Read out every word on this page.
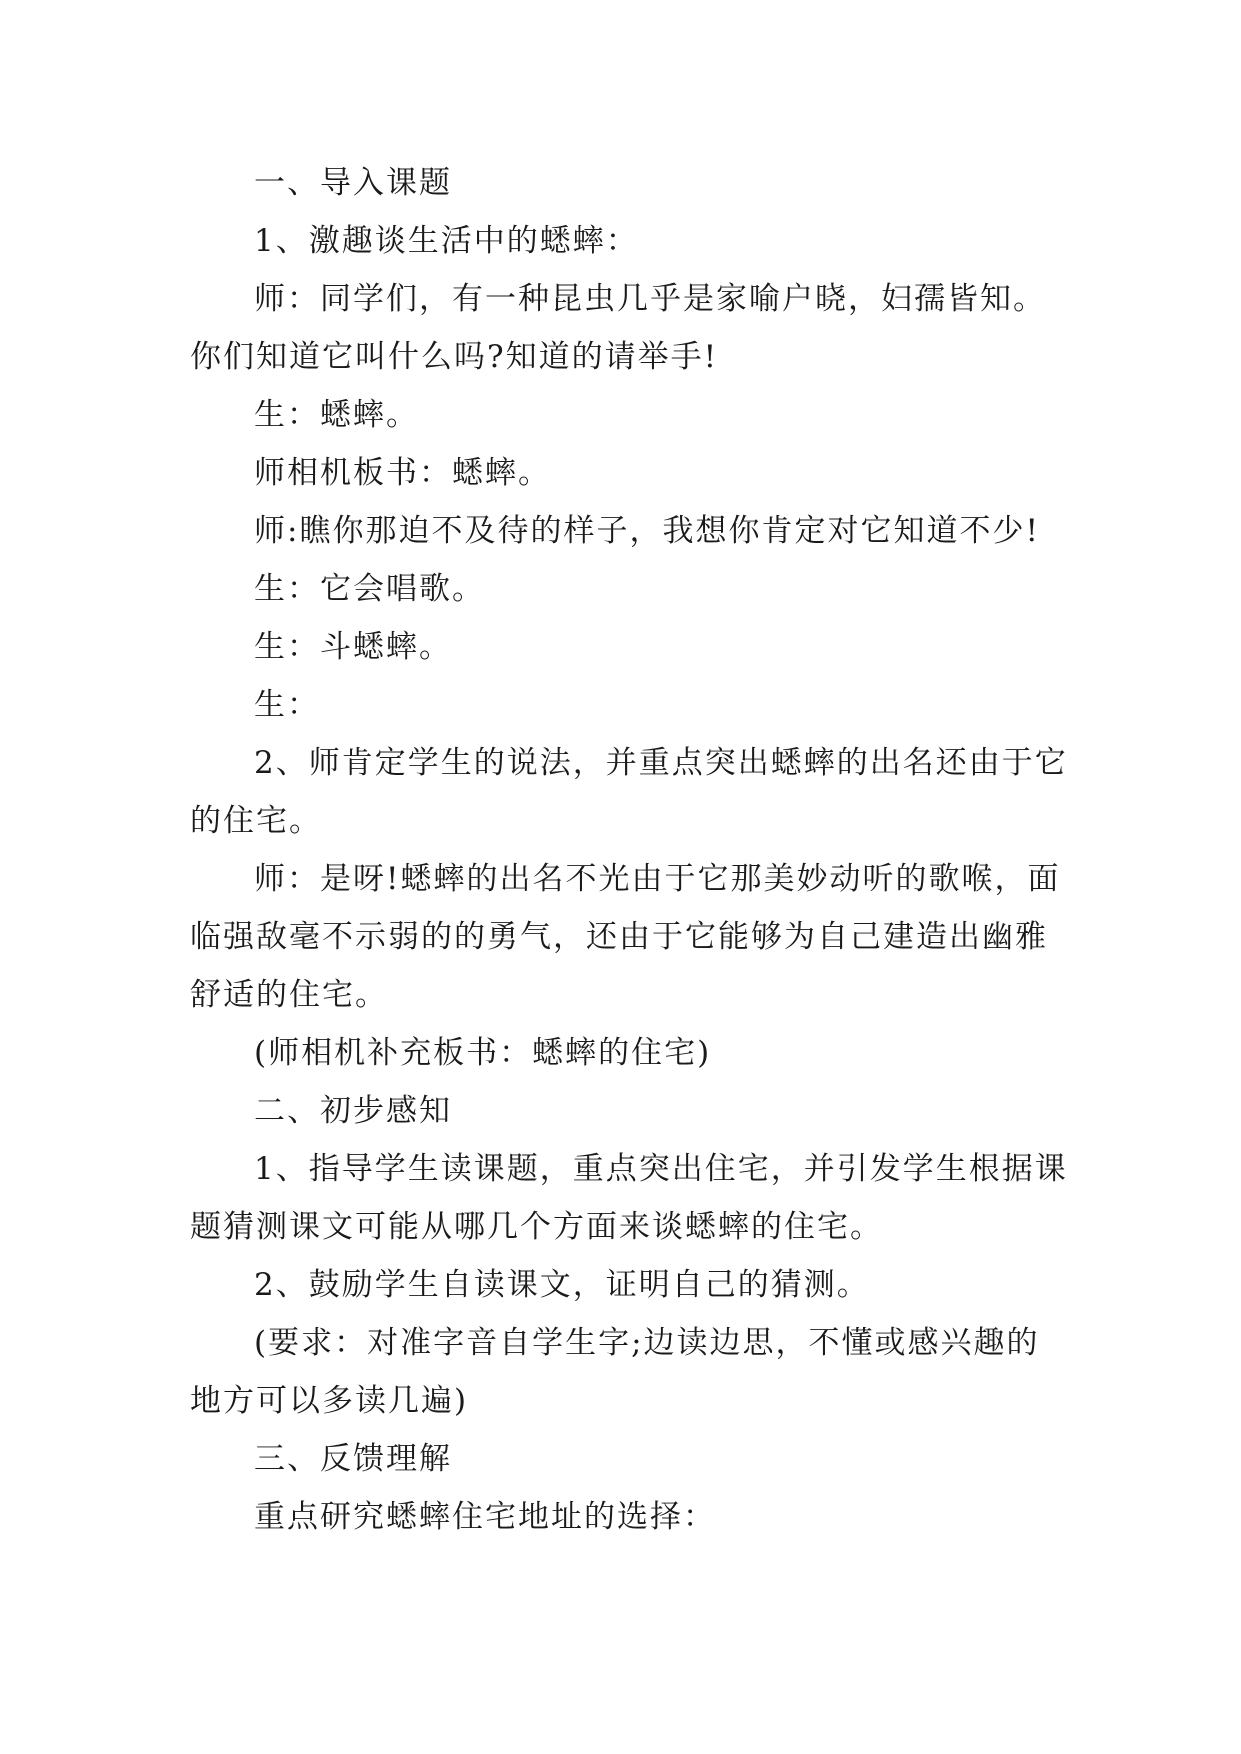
一、导入课题

1、激趣谈生活中的蟋蟀：

师：同学们，有一种昆虫几乎是家喻户晓，妇孺皆知。你们知道它叫什么吗?知道的请举手!

生：蟋蟀。

师相机板书：蟋蟀。

师:瞧你那迫不及待的样子，我想你肯定对它知道不少!

生：它会唱歌。

生：斗蟋蟀。

生：

2、师肯定学生的说法，并重点突出蟋蟀的出名还由于它的住宅。

师：是呀!蟋蟀的出名不光由于它那美妙动听的歌喉，面临强敌毫不示弱的的勇气，还由于它能够为自己建造出幽雅舒适的住宅。

(师相机补充板书：蟋蟀的住宅)

二、初步感知

1、指导学生读课题，重点突出住宅，并引发学生根据课题猜测课文可能从哪几个方面来谈蟋蟀的住宅。

2、鼓励学生自读课文，证明自己的猜测。

(要求：对准字音自学生字;边读边思，不懂或感兴趣的地方可以多读几遍)

三、反馈理解

重点研究蟋蟀住宅地址的选择：
